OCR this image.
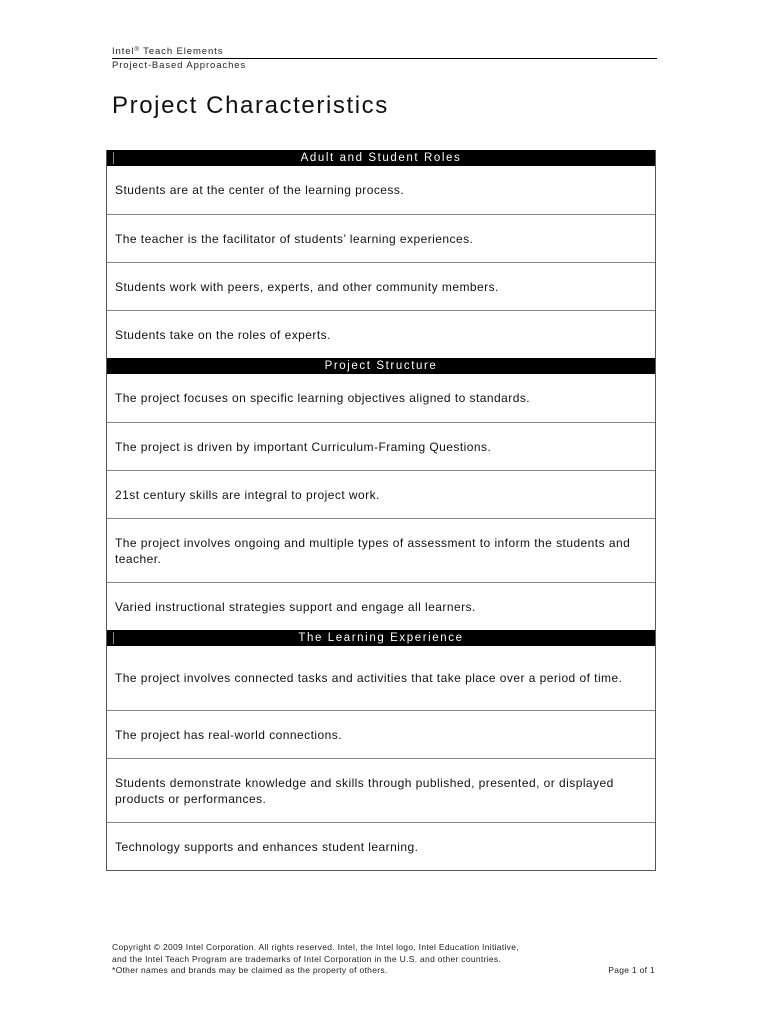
Intel® Teach Elements
Project-Based Approaches
Project Characteristics
Adult and Student Roles
Students are at the center of the learning process.
The teacher is the facilitator of students’ learning experiences.
Students work with peers, experts, and other community members.
Students take on the roles of experts.
Project Structure
The project focuses on specific learning objectives aligned to standards.
The project is driven by important Curriculum-Framing Questions.
21st century skills are integral to project work.
The project involves ongoing and multiple types of assessment to inform the students and teacher.
Varied instructional strategies support and engage all learners.
The Learning Experience
The project involves connected tasks and activities that take place over a period of time.
The project has real-world connections.
Students demonstrate knowledge and skills through published, presented, or displayed products or performances.
Technology supports and enhances student learning.
Copyright © 2009 Intel Corporation. All rights reserved. Intel, the Intel logo, Intel Education Initiative,
and the Intel Teach Program are trademarks of Intel Corporation in the U.S. and other countries.
*Other names and brands may be claimed as the property of others.	Page 1 of 1
